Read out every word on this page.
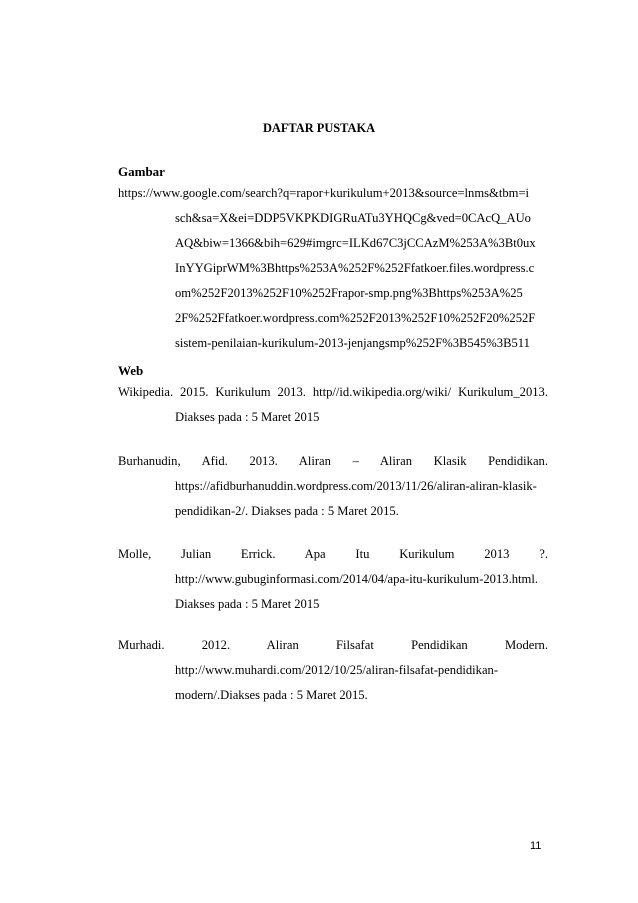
DAFTAR PUSTAKA
Gambar
https://www.google.com/search?q=rapor+kurikulum+2013&source=lnms&tbm=i
sch&sa=X&ei=DDP5VKPKDIGRuATu3YHQCg&ved=0CAcQ_AUo
AQ&biw=1366&bih=629#imgrc=ILKd67C3jCCAzM%253A%3Bt0ux
InYYGiprWM%3Bhttps%253A%252F%252Ffatkoer.files.wordpress.c
om%252F2013%252F10%252Frapor-smp.png%3Bhttps%253A%25
2F%252Ffatkoer.wordpress.com%252F2013%252F10%252F20%252F
sistem-penilaian-kurikulum-2013-jenjangsmp%252F%3B545%3B511
Web
Wikipedia. 2015. Kurikulum 2013. http//id.wikipedia.org/wiki/ Kurikulum_2013.
Diakses pada : 5 Maret 2015
Burhanudin, Afid. 2013. Aliran – Aliran Klasik Pendidikan.
https://afidburhanuddin.wordpress.com/2013/11/26/aliran-aliran-klasik-
pendidikan-2/. Diakses pada : 5 Maret 2015.
Molle, Julian Errick. Apa Itu Kurikulum 2013 ?.
http://www.gubuginformasi.com/2014/04/apa-itu-kurikulum-2013.html.
Diakses pada : 5 Maret 2015
Murhadi. 2012. Aliran Filsafat Pendidikan Modern.
http://www.muhardi.com/2012/10/25/aliran-filsafat-pendidikan-
modern/.Diakses pada : 5 Maret 2015.
11
